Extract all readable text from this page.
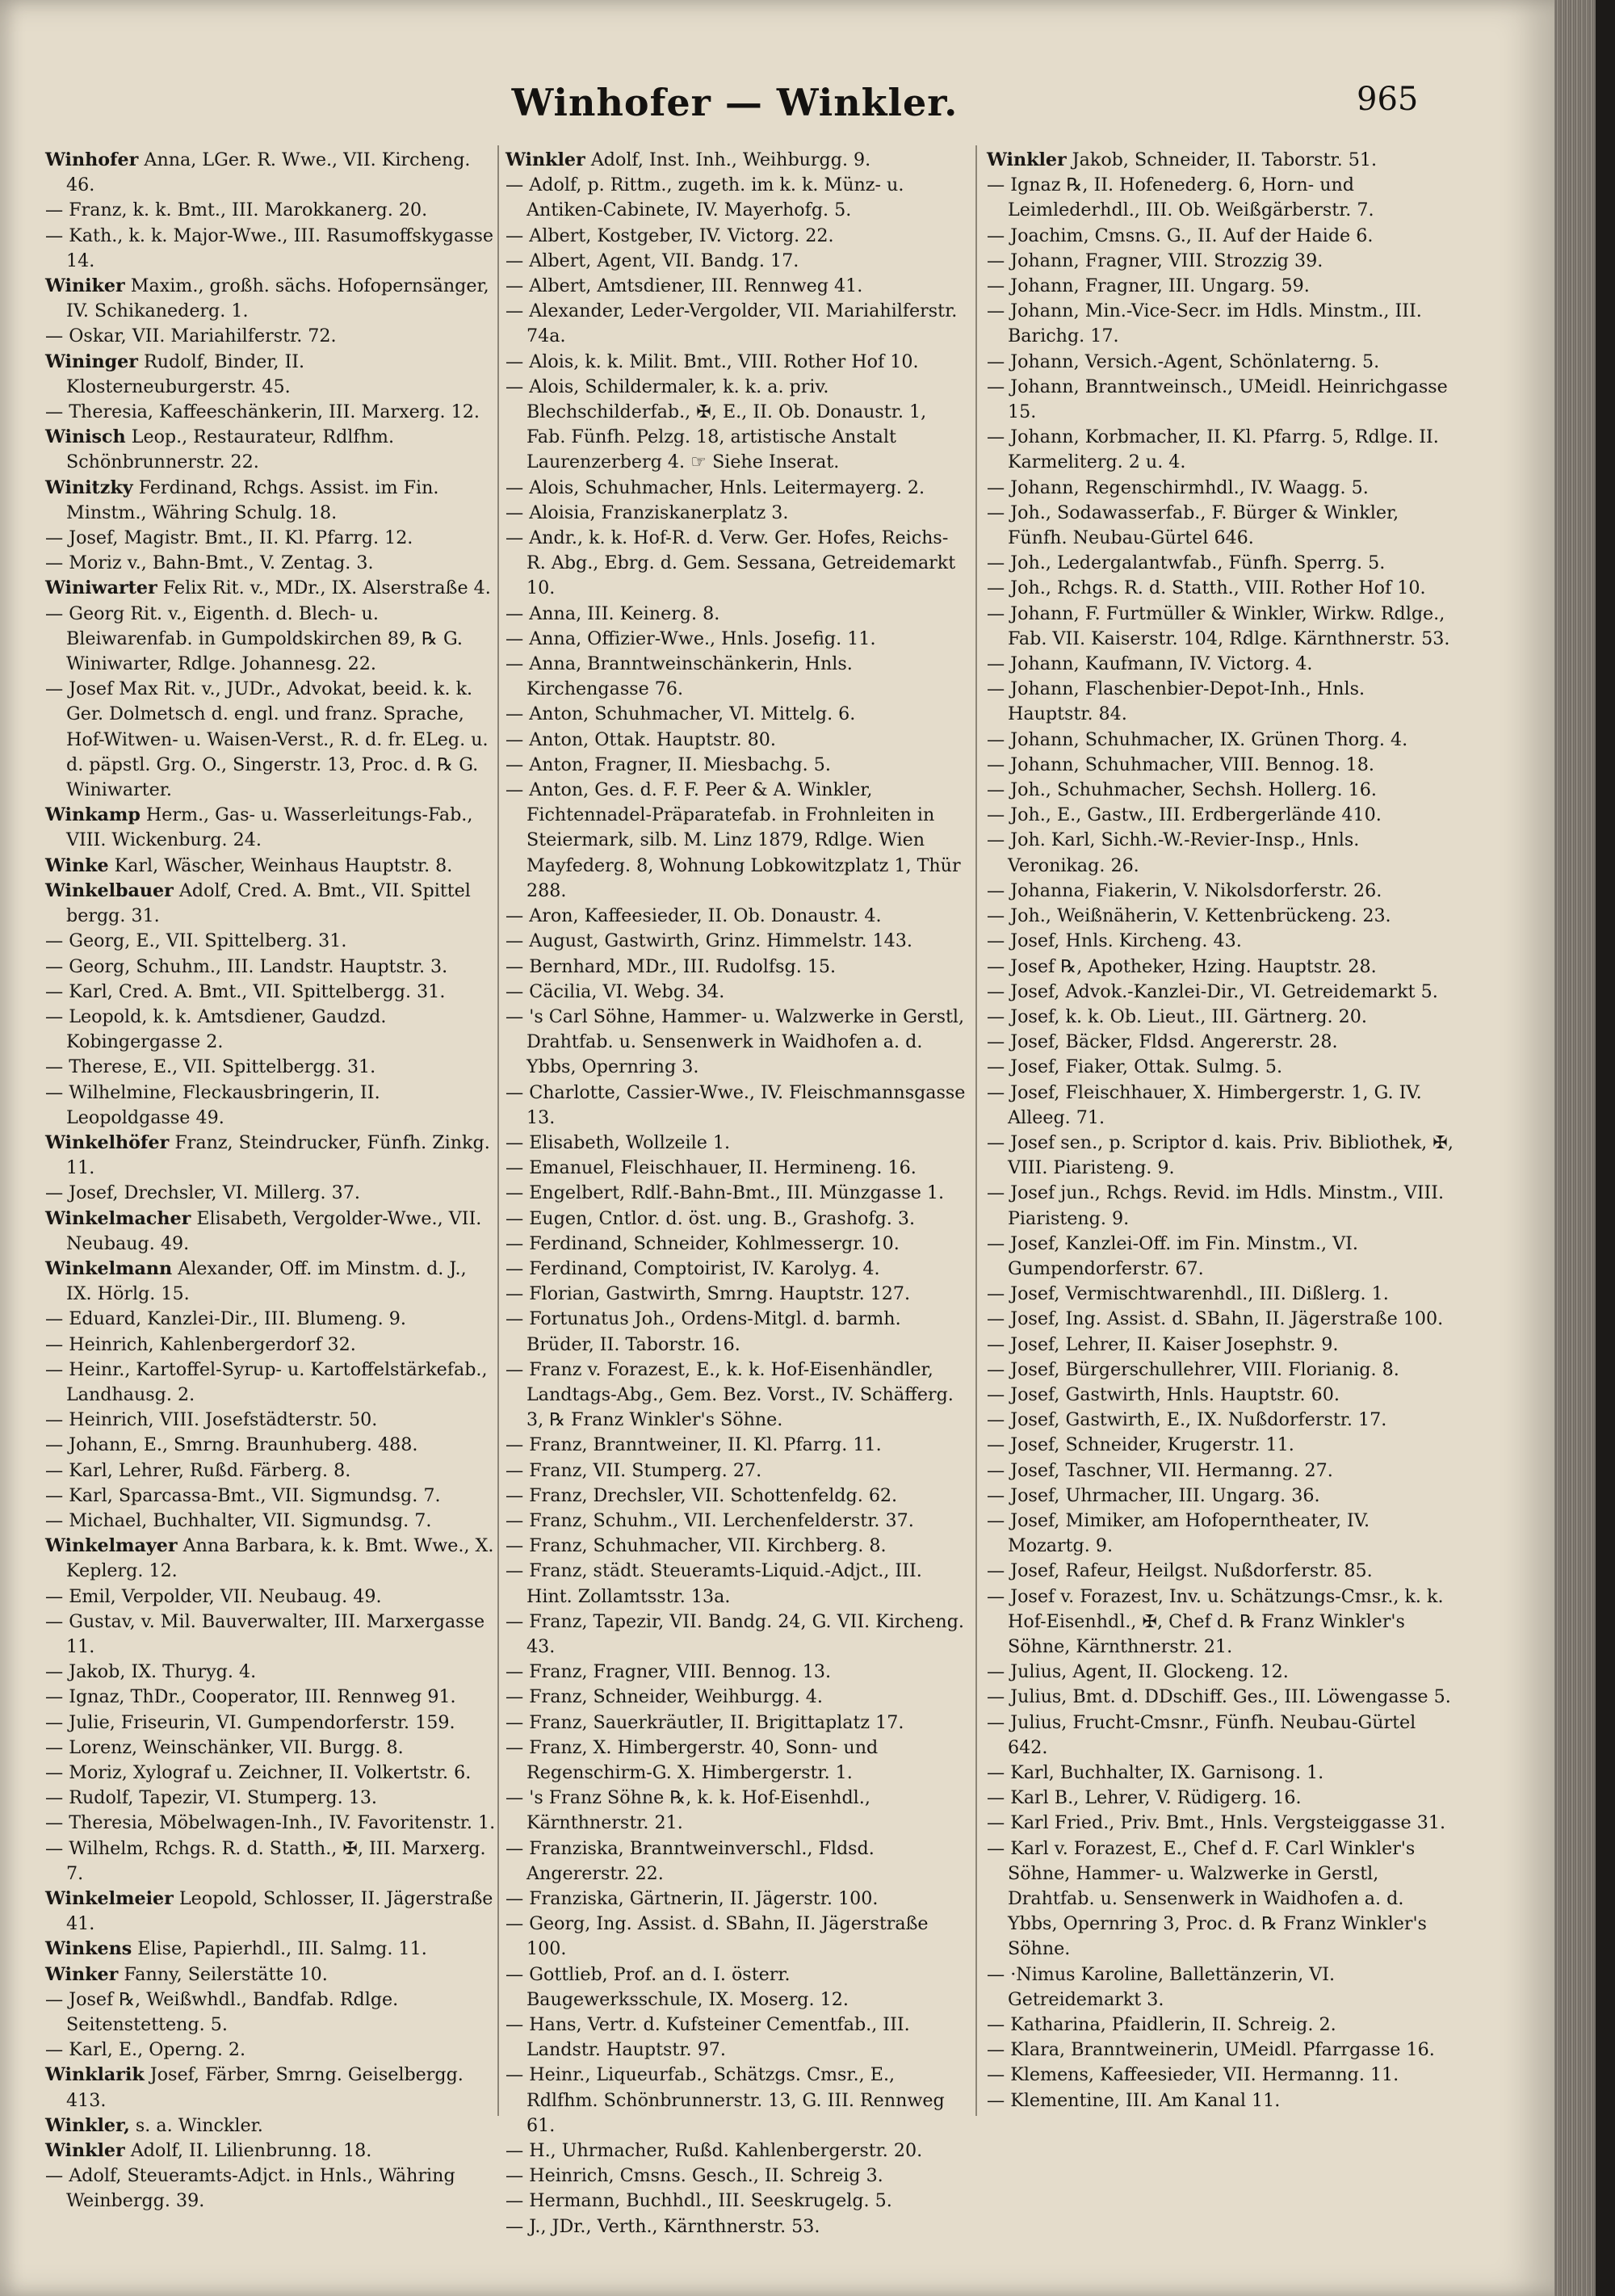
Winhofer — Winkler.	965
Winhofer Anna, LGer. R. Wwe., VII. Kircheng. 46.
— Franz, k. k. Bmt., III. Marokkanerg. 20.
— Kath., k. k. Major-Wwe., III. Rasumoffskygasse 14.
Winiker Maxim., großh. sächs. Hofopernsänger, IV. Schikanederg. 1.
— Oskar, VII. Mariahilferstr. 72.
Wininger Rudolf, Binder, II. Klosterneuburgerstr. 45.
— Theresia, Kaffeeschänkerin, III. Marxerg. 12.
Winisch Leop., Restaurateur, Rdlfhm. Schönbrunnerstr. 22.
Winitzky Ferdinand, Rchgs. Assist. im Fin. Minstm., Währing Schulg. 18.
— Josef, Magistr. Bmt., II. Kl. Pfarrg. 12.
— Moriz v., Bahn-Bmt., V. Zentag. 3.
Winiwarter Felix Rit. v., MDr., IX. Alserstraße 4.
— Georg Rit. v., Eigenth. d. Blech- u. Bleiwarenfab. in Gumpoldskirchen 89, ℞ G. Winiwarter, Rdlge. Johannesg. 22.
— Josef Max Rit. v., JUDr., Advokat, beeid. k. k. Ger. Dolmetsch d. engl. und franz. Sprache, Hof-Witwen- u. Waisen-Verst., R. d. fr. ELeg. u. d. päpstl. Grg. O., Singerstr. 13, Proc. d. ℞ G. Winiwarter.
Winkamp Herm., Gas- u. Wasserleitungs-Fab., VIII. Wickenburg. 24.
Winke Karl, Wäscher, Weinhaus Hauptstr. 8.
Winkelbauer Adolf, Cred. A. Bmt., VII. Spittel bergg. 31.
— Georg, E., VII. Spittelberg. 31.
— Georg, Schuhm., III. Landstr. Hauptstr. 3.
— Karl, Cred. A. Bmt., VII. Spittelbergg. 31.
— Leopold, k. k. Amtsdiener, Gaudzd. Kobingergasse 2.
— Therese, E., VII. Spittelbergg. 31.
— Wilhelmine, Fleckausbringerin, II. Leopoldgasse 49.
Winkelhöfer Franz, Steindrucker, Fünfh. Zinkg. 11.
— Josef, Drechsler, VI. Millerg. 37.
Winkelmacher Elisabeth, Vergolder-Wwe., VII. Neubaug. 49.
Winkelmann Alexander, Off. im Minstm. d. J., IX. Hörlg. 15.
— Eduard, Kanzlei-Dir., III. Blumeng. 9.
— Heinrich, Kahlenbergerdorf 32.
— Heinr., Kartoffel-Syrup- u. Kartoffelstärkefab., Landhausg. 2.
— Heinrich, VIII. Josefstädterstr. 50.
— Johann, E., Smrng. Braunhuberg. 488.
— Karl, Lehrer, Rußd. Färberg. 8.
— Karl, Sparcassa-Bmt., VII. Sigmundsg. 7.
— Michael, Buchhalter, VII. Sigmundsg. 7.
Winkelmayer Anna Barbara, k. k. Bmt. Wwe., X. Keplerg. 12.
— Emil, Verpolder, VII. Neubaug. 49.
— Gustav, v. Mil. Bauverwalter, III. Marxergasse 11.
— Jakob, IX. Thuryg. 4.
— Ignaz, ThDr., Cooperator, III. Rennweg 91.
— Julie, Friseurin, VI. Gumpendorferstr. 159.
— Lorenz, Weinschänker, VII. Burgg. 8.
— Moriz, Xylograf u. Zeichner, II. Volkertstr. 6.
— Rudolf, Tapezir, VI. Stumperg. 13.
— Theresia, Möbelwagen-Inh., IV. Favoritenstr. 1.
— Wilhelm, Rchgs. R. d. Statth., ✠, III. Marxerg. 7.
Winkelmeier Leopold, Schlosser, II. Jägerstraße 41.
Winkens Elise, Papierhdl., III. Salmg. 11.
Winker Fanny, Seilerstätte 10.
— Josef ℞, Weißwhdl., Bandfab. Rdlge. Seitenstetteng. 5.
— Karl, E., Operng. 2.
Winklarik Josef, Färber, Smrng. Geiselbergg. 413.
Winkler, s. a. Winckler.
Winkler Adolf, II. Lilienbrunng. 18.
— Adolf, Steueramts-Adjct. in Hnls., Währing Weinbergg. 39.
Winkler Adolf, Inst. Inh., Weihburgg. 9.
— Adolf, p. Rittm., zugeth. im k. k. Münz- u. Antiken-Cabinete, IV. Mayerhofg. 5.
— Albert, Kostgeber, IV. Victorg. 22.
— Albert, Agent, VII. Bandg. 17.
— Albert, Amtsdiener, III. Rennweg 41.
— Alexander, Leder-Vergolder, VII. Mariahilferstr. 74a.
— Alois, k. k. Milit. Bmt., VIII. Rother Hof 10.
— Alois, Schildermaler, k. k. a. priv. Blechschilderfab., ✠, E., II. Ob. Donaustr. 1, Fab. Fünfh. Pelzg. 18, artistische Anstalt Laurenzerberg 4. ☞ Siehe Inserat.
— Alois, Schuhmacher, Hnls. Leitermayerg. 2.
— Aloisia, Franziskanerplatz 3.
— Andr., k. k. Hof-R. d. Verw. Ger. Hofes, Reichs-R. Abg., Ebrg. d. Gem. Sessana, Getreidemarkt 10.
— Anna, III. Keinerg. 8.
— Anna, Offizier-Wwe., Hnls. Josefig. 11.
— Anna, Branntweinschänkerin, Hnls. Kirchengasse 76.
— Anton, Schuhmacher, VI. Mittelg. 6.
— Anton, Ottak. Hauptstr. 80.
— Anton, Fragner, II. Miesbachg. 5.
— Anton, Ges. d. F. F. Peer & A. Winkler, Fichtennadel-Präparatefab. in Frohnleiten in Steiermark, silb. M. Linz 1879, Rdlge. Wien Mayfederg. 8, Wohnung Lobkowitzplatz 1, Thür 288.
— Aron, Kaffeesieder, II. Ob. Donaustr. 4.
— August, Gastwirth, Grinz. Himmelstr. 143.
— Bernhard, MDr., III. Rudolfsg. 15.
— Cäcilia, VI. Webg. 34.
— 's Carl Söhne, Hammer- u. Walzwerke in Gerstl, Drahtfab. u. Sensenwerk in Waidhofen a. d. Ybbs, Opernring 3.
— Charlotte, Cassier-Wwe., IV. Fleischmannsgasse 13.
— Elisabeth, Wollzeile 1.
— Emanuel, Fleischhauer, II. Hermineng. 16.
— Engelbert, Rdlf.-Bahn-Bmt., III. Münzgasse 1.
— Eugen, Cntlor. d. öst. ung. B., Grashofg. 3.
— Ferdinand, Schneider, Kohlmessergr. 10.
— Ferdinand, Comptoirist, IV. Karolyg. 4.
— Florian, Gastwirth, Smrng. Hauptstr. 127.
— Fortunatus Joh., Ordens-Mitgl. d. barmh. Brüder, II. Taborstr. 16.
— Franz v. Forazest, E., k. k. Hof-Eisenhändler, Landtags-Abg., Gem. Bez. Vorst., IV. Schäfferg. 3, ℞ Franz Winkler's Söhne.
— Franz, Branntweiner, II. Kl. Pfarrg. 11.
— Franz, VII. Stumperg. 27.
— Franz, Drechsler, VII. Schottenfeldg. 62.
— Franz, Schuhm., VII. Lerchenfelderstr. 37.
— Franz, Schuhmacher, VII. Kirchberg. 8.
— Franz, städt. Steueramts-Liquid.-Adjct., III. Hint. Zollamtsstr. 13a.
— Franz, Tapezir, VII. Bandg. 24, G. VII. Kircheng. 43.
— Franz, Fragner, VIII. Bennog. 13.
— Franz, Schneider, Weihburgg. 4.
— Franz, Sauerkräutler, II. Brigittaplatz 17.
— Franz, X. Himbergerstr. 40, Sonn- und Regenschirm-G. X. Himbergerstr. 1.
— 's Franz Söhne ℞, k. k. Hof-Eisenhdl., Kärnthnerstr. 21.
— Franziska, Branntweinverschl., Fldsd. Angererstr. 22.
— Franziska, Gärtnerin, II. Jägerstr. 100.
— Georg, Ing. Assist. d. SBahn, II. Jägerstraße 100.
— Gottlieb, Prof. an d. I. österr. Baugewerksschule, IX. Moserg. 12.
— Hans, Vertr. d. Kufsteiner Cementfab., III. Landstr. Hauptstr. 97.
— Heinr., Liqueurfab., Schätzgs. Cmsr., E., Rdlfhm. Schönbrunnerstr. 13, G. III. Rennweg 61.
— H., Uhrmacher, Rußd. Kahlenbergerstr. 20.
— Heinrich, Cmsns. Gesch., II. Schreig 3.
— Hermann, Buchhdl., III. Seeskrugelg. 5.
— J., JDr., Verth., Kärnthnerstr. 53.
Winkler Jakob, Schneider, II. Taborstr. 51.
— Ignaz ℞, II. Hofenederg. 6, Horn- und Leimlederhdl., III. Ob. Weißgärberstr. 7.
— Joachim, Cmsns. G., II. Auf der Haide 6.
— Johann, Fragner, VIII. Strozzig 39.
— Johann, Fragner, III. Ungarg. 59.
— Johann, Min.-Vice-Secr. im Hdls. Minstm., III. Barichg. 17.
— Johann, Versich.-Agent, Schönlaterng. 5.
— Johann, Branntweinsch., UMeidl. Heinrichgasse 15.
— Johann, Korbmacher, II. Kl. Pfarrg. 5, Rdlge. II. Karmeliterg. 2 u. 4.
— Johann, Regenschirmhdl., IV. Waagg. 5.
— Joh., Sodawasserfab., F. Bürger & Winkler, Fünfh. Neubau-Gürtel 646.
— Joh., Ledergalantwfab., Fünfh. Sperrg. 5.
— Joh., Rchgs. R. d. Statth., VIII. Rother Hof 10.
— Johann, F. Furtmüller & Winkler, Wirkw. Rdlge., Fab. VII. Kaiserstr. 104, Rdlge. Kärnthnerstr. 53.
— Johann, Kaufmann, IV. Victorg. 4.
— Johann, Flaschenbier-Depot-Inh., Hnls. Hauptstr. 84.
— Johann, Schuhmacher, IX. Grünen Thorg. 4.
— Johann, Schuhmacher, VIII. Bennog. 18.
— Joh., Schuhmacher, Sechsh. Hollerg. 16.
— Joh., E., Gastw., III. Erdbergerlände 410.
— Joh. Karl, Sichh.-W.-Revier-Insp., Hnls. Veronikag. 26.
— Johanna, Fiakerin, V. Nikolsdorferstr. 26.
— Joh., Weißnäherin, V. Kettenbrückeng. 23.
— Josef, Hnls. Kircheng. 43.
— Josef ℞, Apotheker, Hzing. Hauptstr. 28.
— Josef, Advok.-Kanzlei-Dir., VI. Getreidemarkt 5.
— Josef, k. k. Ob. Lieut., III. Gärtnerg. 20.
— Josef, Bäcker, Fldsd. Angererstr. 28.
— Josef, Fiaker, Ottak. Sulmg. 5.
— Josef, Fleischhauer, X. Himbergerstr. 1, G. IV. Alleeg. 71.
— Josef sen., p. Scriptor d. kais. Priv. Bibliothek, ✠, VIII. Piaristeng. 9.
— Josef jun., Rchgs. Revid. im Hdls. Minstm., VIII. Piaristeng. 9.
— Josef, Kanzlei-Off. im Fin. Minstm., VI. Gumpendorferstr. 67.
— Josef, Vermischtwarenhdl., III. Dißlerg. 1.
— Josef, Ing. Assist. d. SBahn, II. Jägerstraße 100.
— Josef, Lehrer, II. Kaiser Josephstr. 9.
— Josef, Bürgerschullehrer, VIII. Florianig. 8.
— Josef, Gastwirth, Hnls. Hauptstr. 60.
— Josef, Gastwirth, E., IX. Nußdorferstr. 17.
— Josef, Schneider, Krugerstr. 11.
— Josef, Taschner, VII. Hermanng. 27.
— Josef, Uhrmacher, III. Ungarg. 36.
— Josef, Mimiker, am Hofoperntheater, IV. Mozartg. 9.
— Josef, Rafeur, Heilgst. Nußdorferstr. 85.
— Josef v. Forazest, Inv. u. Schätzungs-Cmsr., k. k. Hof-Eisenhdl., ✠, Chef d. ℞ Franz Winkler's Söhne, Kärnthnerstr. 21.
— Julius, Agent, II. Glockeng. 12.
— Julius, Bmt. d. DDschiff. Ges., III. Löwengasse 5.
— Julius, Frucht-Cmsnr., Fünfh. Neubau-Gürtel 642.
— Karl, Buchhalter, IX. Garnisong. 1.
— Karl B., Lehrer, V. Rüdigerg. 16.
— Karl Fried., Priv. Bmt., Hnls. Vergsteiggasse 31.
— Karl v. Forazest, E., Chef d. F. Carl Winkler's Söhne, Hammer- u. Walzwerke in Gerstl, Drahtfab. u. Sensenwerk in Waidhofen a. d. Ybbs, Opernring 3, Proc. d. ℞ Franz Winkler's Söhne.
— ·Nimus Karoline, Ballettänzerin, VI. Getreidemarkt 3.
— Katharina, Pfaidlerin, II. Schreig. 2.
— Klara, Branntweinerin, UMeidl. Pfarrgasse 16.
— Klemens, Kaffeesieder, VII. Hermanng. 11.
— Klementine, III. Am Kanal 11.
